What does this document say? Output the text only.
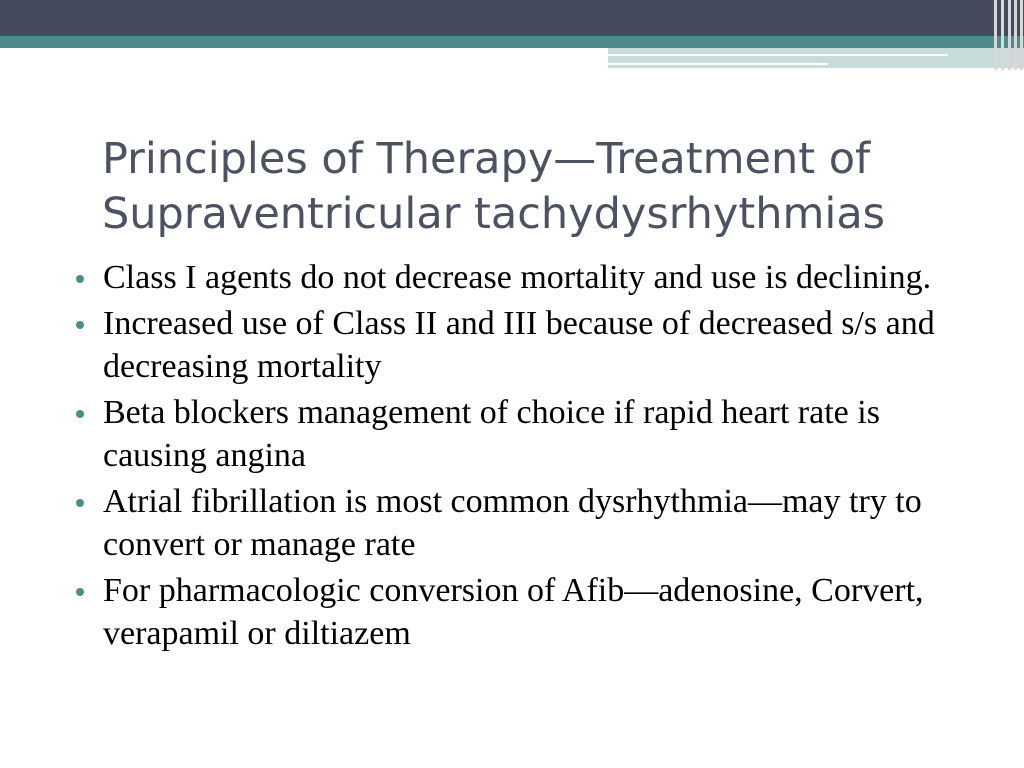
Principles of Therapy—Treatment of Supraventricular tachydysrhythmias
Class I agents do not decrease mortality and use is declining.
Increased use of Class II and III because of decreased s/s and decreasing mortality
Beta blockers management of choice if rapid heart rate is causing angina
Atrial fibrillation is most common dysrhythmia—may try to convert or manage rate
For pharmacologic conversion of Afib—adenosine, Corvert, verapamil or diltiazem
